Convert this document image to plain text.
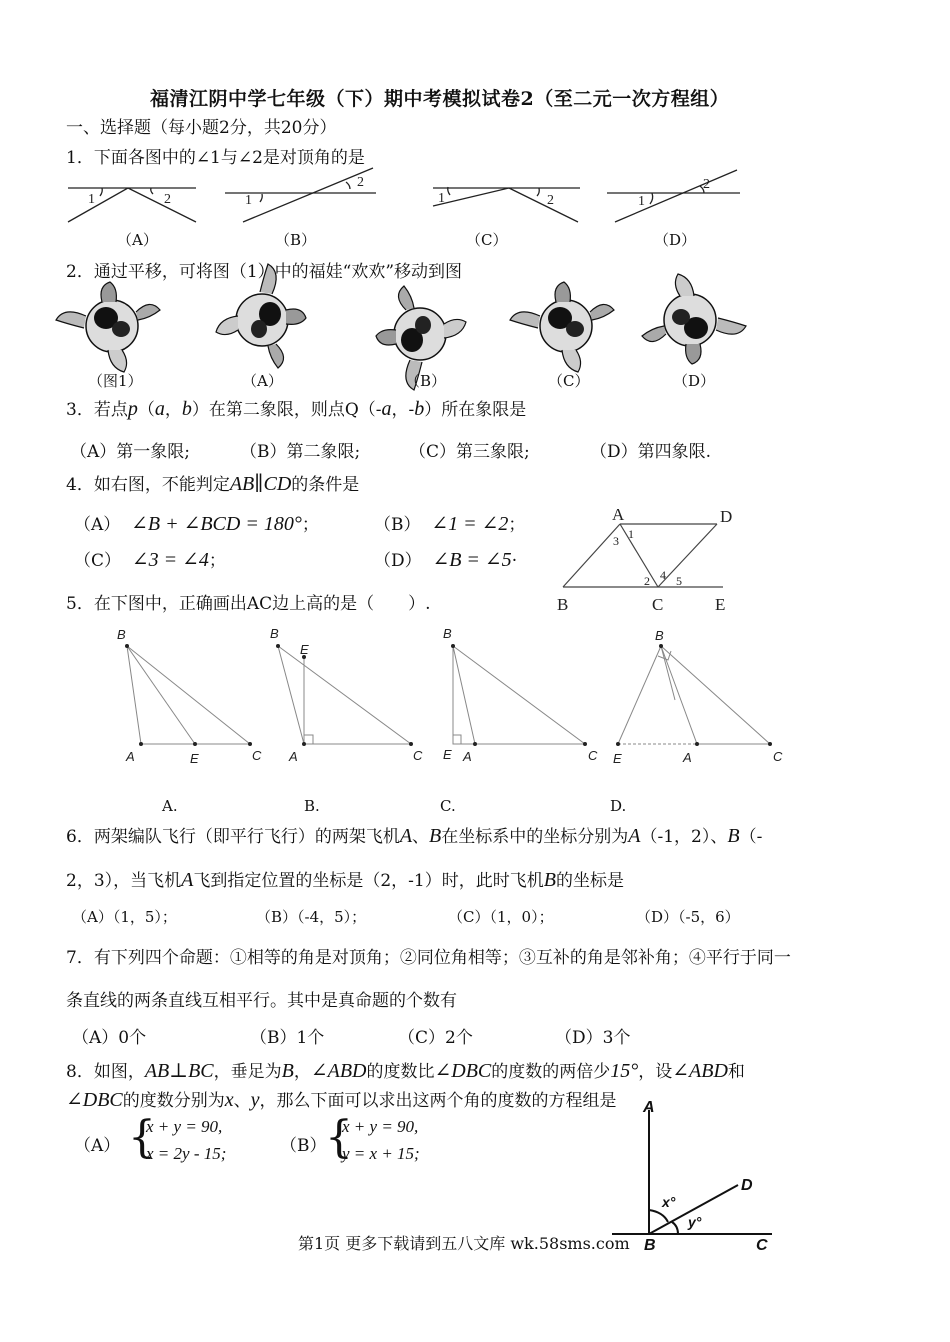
福清江阴中学七年级（下）期中考模拟试卷2（至二元一次方程组）
一、选择题（每小题2分，共20分）
1．下面各图中的∠1与∠2是对顶角的是
1	2	1
2
1	2	1
2
（A）	（B）	（C）	（D）
2．通过平移，可将图（1）中的福娃“欢欢”移动到图
（图1）	（A）	（B）	（C）	（D）
3．若点p（a，b）在第二象限，则点Q（-a，-b）所在象限是
（A）第一象限;	（B）第二象限;	（C）第三象限;	（D）第四象限.
4．如右图，不能判定AB∥CD的条件是
（A） ∠B + ∠BCD = 180°；	（B） ∠1 = ∠2；
（C） ∠3 = ∠4；	（D） ∠B = ∠5·
A	D
B	C	E
1
3
2 4 5
5．在下图中，正确画出AC边上高的是（　　）.
B
A	E	C
B
E
A	C
B
E A	C
B
E	A	C
A.	B.	C.	D.
6．两架编队飞行（即平行飞行）的两架飞机A、B在坐标系中的坐标分别为A（-1，2）、B（-
2，3），当飞机A飞到指定位置的坐标是（2，-1）时，此时飞机B的坐标是
（A）（1，5）；	（B）（-4，5）；	（C）（1，0）；	（D）（-5，6）
7．有下列四个命题：①相等的角是对顶角；②同位角相等；③互补的角是邻补角；④平行于同一
条直线的两条直线互相平行。其中是真命题的个数有
（A）0个	（B）1个	（C）2个	（D）3个
8．如图，AB⊥BC，垂足为B，∠ABD的度数比∠DBC的度数的两倍少15°，设∠ABD和
∠DBC的度数分别为x、y，那么下面可以求出这两个角的度数的方程组是
（A） {
x + y = 90,
x = 2y - 15;	（B）
{
x + y = 90,
y = x + 15;
A
D
B	C
x°
y°
第1页 更多下载请到五八文库 wk.58sms.com
